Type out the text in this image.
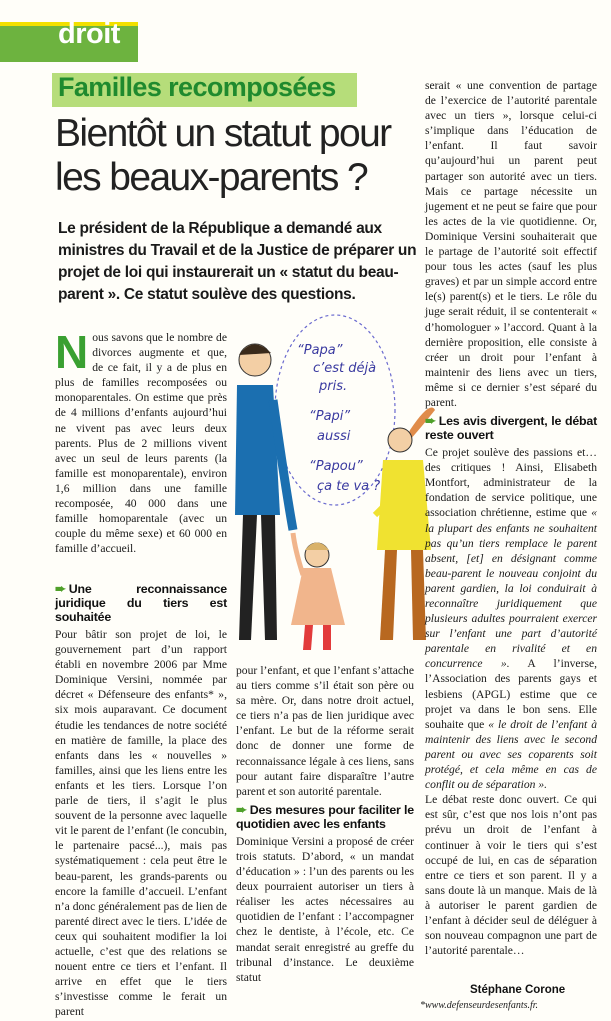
droit
Familles recomposées
Bientôt un statut pour les beaux-parents ?

Le président de la République a demandé aux ministres du Travail et de la Justice de préparer un projet de loi qui instaurerait un « statut du beau-parent ». Ce statut soulève des questions.

Nous savons que le nombre de divorces augmente et que, de ce fait, il y a de plus en plus de familles recomposées ou monoparentales. On estime que près de 4 millions d’enfants aujourd’hui ne vivent pas avec leurs deux parents. Plus de 2 millions vivent avec un seul de leurs parents (la famille est monoparentale), environ 1,6 million dans une famille recomposée, 40 000 dans une famille homoparentale (avec un couple du même sexe) et 60 000 en famille d’accueil.

➨ Une reconnaissance juridique du tiers est souhaitée

Pour bâtir son projet de loi, le gouvernement part d’un rapport établi en novembre 2006 par Mme Dominique Versini, nommée par décret « Défenseure des enfants* », six mois auparavant. Ce document étudie les tendances de notre société en matière de famille, la place des enfants dans les « nouvelles » familles, ainsi que les liens entre les enfants et les tiers. Lorsque l’on parle de tiers, il s’agit le plus souvent de la personne avec laquelle vit le parent de l’enfant (le concubin, le partenaire pacsé...), mais pas systématiquement : cela peut être le beau-parent, les grands-parents ou encore la famille d’accueil. L’enfant n’a donc généralement pas de lien de parenté direct avec le tiers. L’idée de ceux qui souhaitent modifier la loi actuelle, c’est que des relations se nouent entre ce tiers et l’enfant. Il arrive en effet que le tiers s’investisse comme le ferait un parent

“Papa”
c’est déjà
pris.
“Papi”
aussi
“Papou”
ça te va ?

pour l’enfant, et que l’enfant s’attache au tiers comme s’il était son père ou sa mère. Or, dans notre droit actuel, ce tiers n’a pas de lien juridique avec l’enfant. Le but de la réforme serait donc de donner une forme de reconnaissance légale à ces liens, sans pour autant faire disparaître l’autre parent et son autorité parentale.

➨ Des mesures pour faciliter le quotidien avec les enfants

Dominique Versini a proposé de créer trois statuts. D’abord, « un mandat d’éducation » : l’un des parents ou les deux pourraient autoriser un tiers à réaliser les actes nécessaires au quotidien de l’enfant : l’accompagner chez le dentiste, à l’école, etc. Ce mandat serait enregistré au greffe du tribunal d’instance. Le deuxième statut

serait « une convention de partage de l’exercice de l’autorité parentale avec un tiers », lorsque celui-ci s’implique dans l’éducation de l’enfant. Il faut savoir qu’aujourd’hui un parent peut partager son autorité avec un tiers. Mais ce partage nécessite un jugement et ne peut se faire que pour les actes de la vie quotidienne. Or, Dominique Versini souhaiterait que le partage de l’autorité soit effectif pour tous les actes (sauf les plus graves) et par un simple accord entre le(s) parent(s) et le tiers. Le rôle du juge serait réduit, il se contenterait « d’homologuer » l’accord. Quant à la dernière proposition, elle consiste à créer un droit pour l’enfant à maintenir des liens avec un tiers, même si ce dernier s’est séparé du parent.

➨ Les avis divergent, le débat reste ouvert

Ce projet soulève des passions et… des critiques ! Ainsi, Elisabeth Montfort, administrateur de la fondation de service politique, une association chrétienne, estime que « la plupart des enfants ne souhaitent pas qu’un tiers remplace le parent absent, [et] en désignant comme beau-parent le nouveau conjoint du parent gardien, la loi conduirait à reconnaître juridiquement que plusieurs adultes pourraient exercer sur l’enfant une part d’autorité parentale en rivalité et en concurrence ». A l’inverse, l’Association des parents gays et lesbiens (APGL) estime que ce projet va dans le bon sens. Elle souhaite que « le droit de l’enfant à maintenir des liens avec le second parent ou avec ses coparents soit protégé, et cela même en cas de conflit ou de séparation ».

Le débat reste donc ouvert. Ce qui est sûr, c’est que nos lois n’ont pas prévu un droit de l’enfant à continuer à voir le tiers qui s’est occupé de lui, en cas de séparation entre ce tiers et son parent. Il y a sans doute là un manque. Mais de là à autoriser le parent gardien de l’enfant à décider seul de déléguer à son nouveau compagnon une part de l’autorité parentale…

Stéphane Corone
*www.defenseurdesenfants.fr.
